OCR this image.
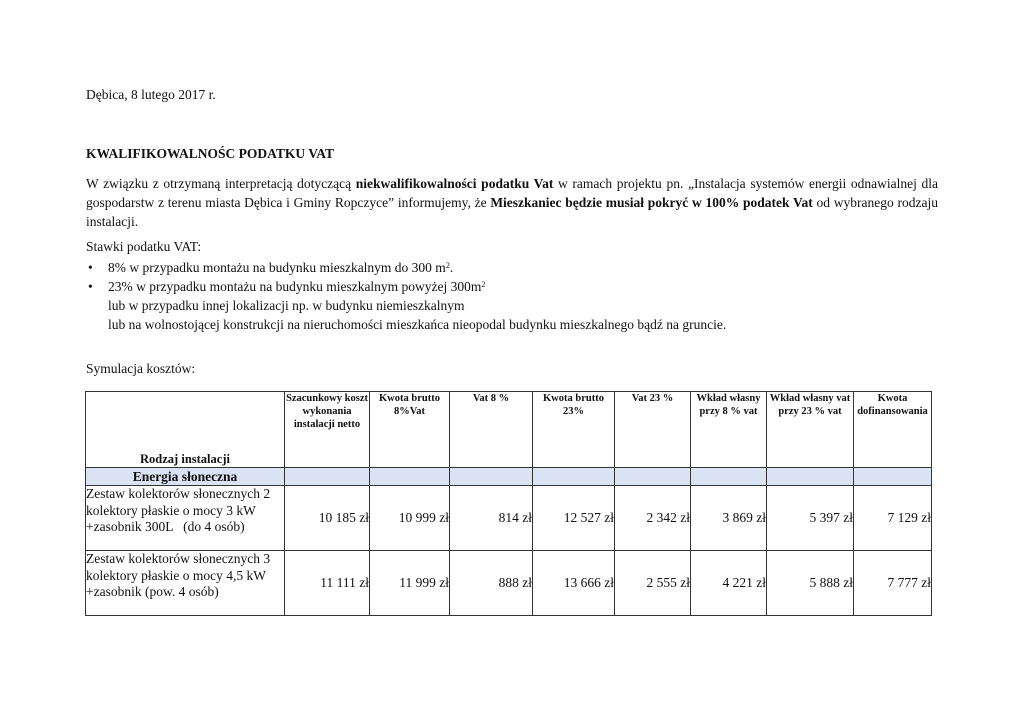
Dębica, 8 lutego 2017 r.
KWALIFIKOWALNOŚC PODATKU VAT
W związku z otrzymaną interpretacją dotyczącą niekwalifikowalności podatku Vat w ramach projektu pn. „Instalacja systemów energii odnawialnej dla gospodarstw z terenu miasta Dębica i Gminy Ropczyce” informujemy, że Mieszkaniec będzie musiał pokryć w 100% podatek Vat od wybranego rodzaju instalacji.
Stawki podatku VAT:
• 8% w przypadku montażu na budynku mieszkalnym do 300 $m^2$.
• 23% w przypadku montażu na budynku mieszkalnym powyżej $300m^2$
lub w przypadku innej lokalizacji np. w budynku niemieszkalnym
lub na wolnostojącej konstrukcji na nieruchomości mieszkańca nieopodal budynku mieszkalnego bądź na gruncie.
Symulacja kosztów:
Rodzaj instalacji	Szacunkowy koszt wykonania instalacji netto	Kwota brutto 8%Vat	Vat 8 %	Kwota brutto 23%	Vat 23 %	Wkład własny przy 8 % vat	Wkład własny vat przy 23 % vat	Kwota dofinansowania
Energia słoneczna								

Zestaw kolektorów słonecznych 2
kolektory płaskie o mocy 3 kW
+zasobnik 300L   (do 4 osób)	10 185 zł	10 999 zł	814 zł	12 527 zł	2 342 zł	3 869 zł	5 397 zł	7 129 zł

Zestaw kolektorów słonecznych 3
kolektory płaskie o mocy 4,5 kW
+zasobnik (pow. 4 osób)	11 111 zł	11 999 zł	888 zł	13 666 zł	2 555 zł	4 221 zł	5 888 zł	7 777 zł
